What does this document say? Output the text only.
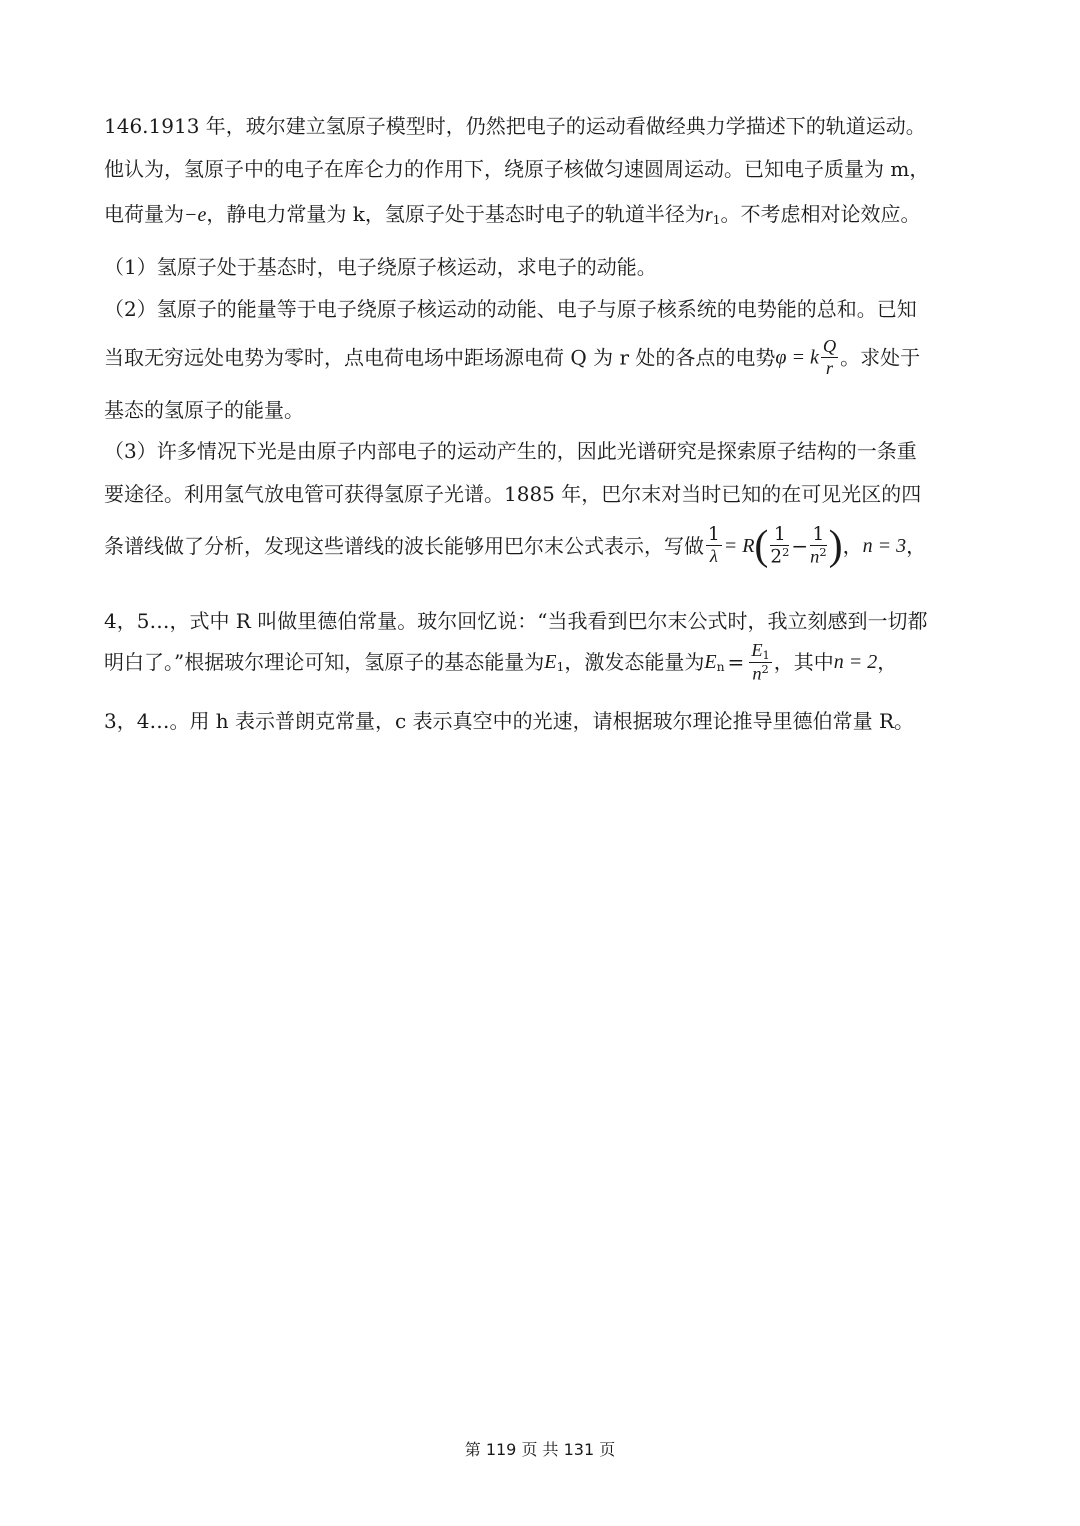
146.1913 年，玻尔建立氢原子模型时，仍然把电子的运动看做经典力学描述下的轨道运动。
他认为，氢原子中的电子在库仑力的作用下，绕原子核做匀速圆周运动。已知电子质量为 m，
电荷量为−e，静电力常量为 k，氢原子处于基态时电子的轨道半径为r1。不考虑相对论效应。
（1）氢原子处于基态时，电子绕原子核运动，求电子的动能。
（2）氢原子的能量等于电子绕原子核运动的动能、电子与原子核系统的电势能的总和。已知
当取无穷远处电势为零时，点电荷电场中距场源电荷 Q 为 r 处的各点的电势φ = k $\frac{Q}{r}$ 。求处于
基态的氢原子的能量。
（3）许多情况下光是由原子内部电子的运动产生的，因此光谱研究是探索原子结构的一条重
要途径。利用氢气放电管可获得氢原子光谱。1885 年，巴尔末对当时已知的在可见光区的四
条谱线做了分析，发现这些谱线的波长能够用巴尔末公式表示，写做 $\frac{1}{\lambda} = R( \frac{1}{2^2} - \frac{1}{n^2}$ )，n = 3，
4，5…，式中 R 叫做里德伯常量。玻尔回忆说：“当我看到巴尔末公式时，我立刻感到一切都
明白了。”根据玻尔理论可知，氢原子的基态能量为E1，激发态能量为$En = \frac{E1}{n^2}$ ，其中n = 2，
3，4…。用 h 表示普朗克常量，c 表示真空中的光速，请根据玻尔理论推导里德伯常量 R。
第 119 页 共 131 页
